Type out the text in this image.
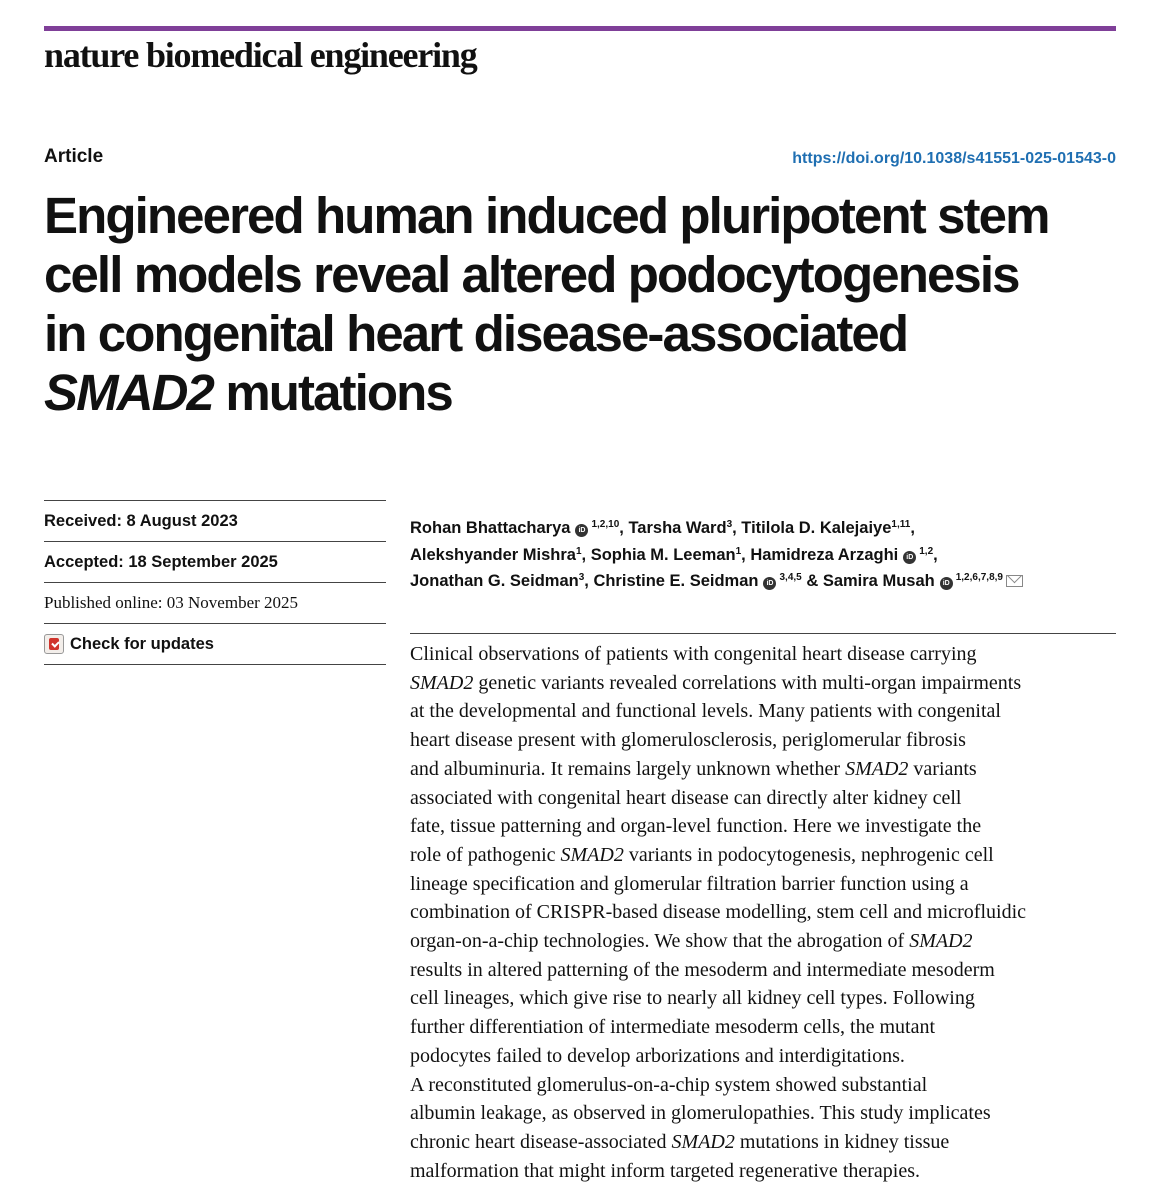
nature biomedical engineering
Article	https://doi.org/10.1038/s41551-025-01543-0
Engineered human induced pluripotent stem
cell models reveal altered podocytogenesis
in congenital heart disease-associated
SMAD2 mutations
Received: 8 August 2023
Accepted: 18 September 2025
Published online: 03 November 2025
Check for updates

Rohan Bhattacharya iD$^{1,2,10}$, Tarsha Ward$^3$, Titilola D. Kalejaiye$^{1,11}$,
Alekshyander Mishra$^1$, Sophia M. Leeman$^1$, Hamidreza Arzaghi iD$^{1,2}$,
Jonathan G. Seidman$^3$, Christine E. Seidman iD$^{3,4,5}$ & Samira Musah iD$^{1,2,6,7,8,9}$

Clinical observations of patients with congenital heart disease carrying
SMAD2 genetic variants revealed correlations with multi-organ impairments
at the developmental and functional levels. Many patients with congenital
heart disease present with glomerulosclerosis, periglomerular fibrosis
and albuminuria. It remains largely unknown whether SMAD2 variants
associated with congenital heart disease can directly alter kidney cell
fate, tissue patterning and organ-level function. Here we investigate the
role of pathogenic SMAD2 variants in podocytogenesis, nephrogenic cell
lineage specification and glomerular filtration barrier function using a
combination of CRISPR-based disease modelling, stem cell and microfluidic
organ-on-a-chip technologies. We show that the abrogation of SMAD2
results in altered patterning of the mesoderm and intermediate mesoderm
cell lineages, which give rise to nearly all kidney cell types. Following
further differentiation of intermediate mesoderm cells, the mutant
podocytes failed to develop arborizations and interdigitations.
A reconstituted glomerulus-on-a-chip system showed substantial
albumin leakage, as observed in glomerulopathies. This study implicates
chronic heart disease-associated SMAD2 mutations in kidney tissue
malformation that might inform targeted regenerative therapies.
